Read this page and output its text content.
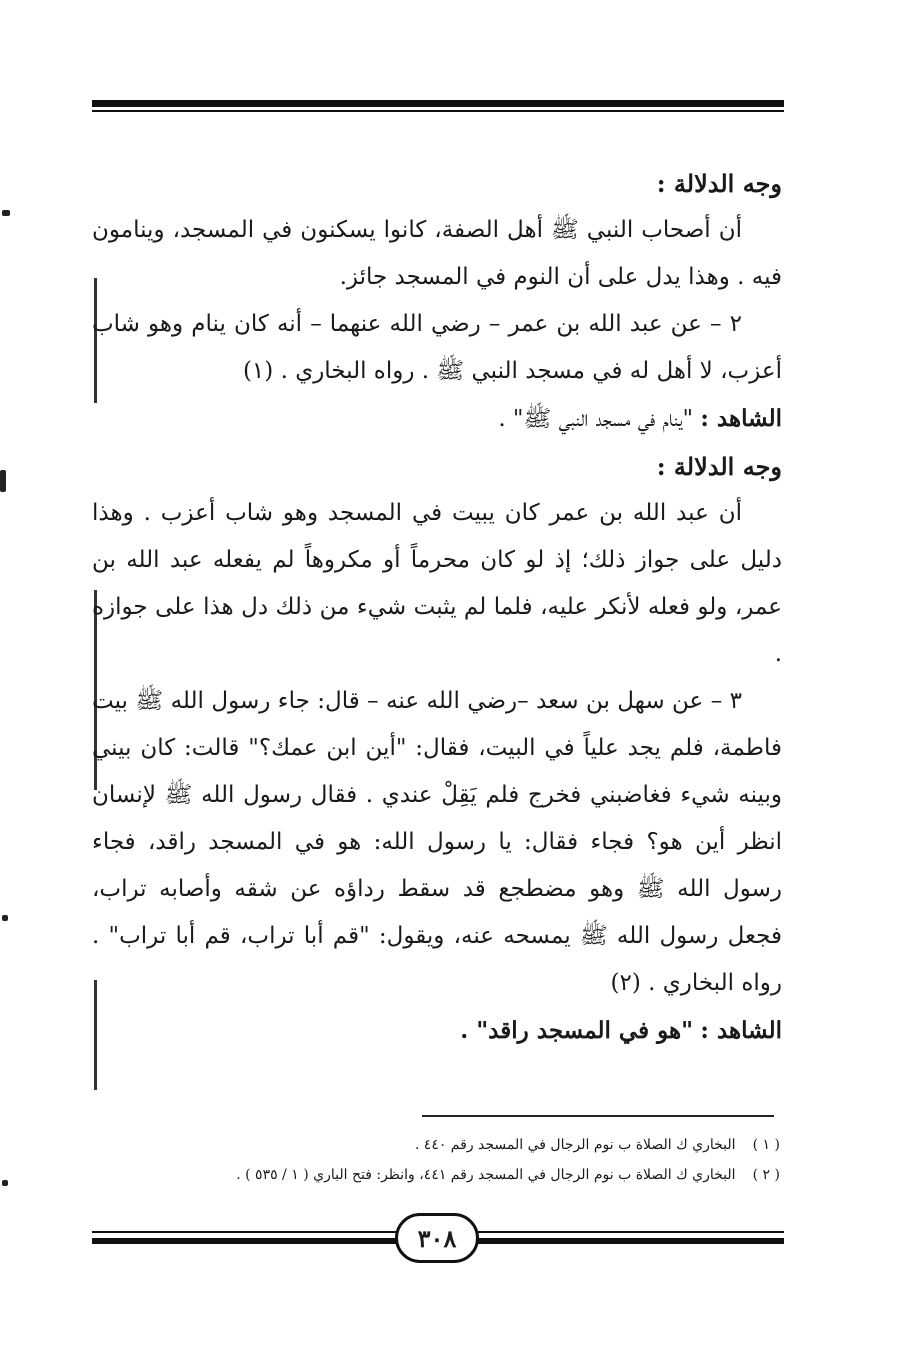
وجه الدلالة :

أن أصحاب النبي ﷺ أهل الصفة، كانوا يسكنون في المسجد، وينامون فيه . وهذا يدل على أن النوم في المسجد جائز.

٢ – عن عبد الله بن عمر – رضي الله عنهما – أنه كان ينام وهو شاب أعزب، لا أهل له في مسجد النبي ﷺ . رواه البخاري . (١)

الشاهد : "ينام في مسجد النبي ﷺ" .

وجه الدلالة :

أن عبد الله بن عمر كان يبيت في المسجد وهو شاب أعزب . وهذا دليل على جواز ذلك؛ إذ لو كان محرماً أو مكروهاً لم يفعله عبد الله بن عمر، ولو فعله لأنكر عليه، فلما لم يثبت شيء من ذلك دل هذا على جوازه .

٣ – عن سهل بن سعد –رضي الله عنه – قال: جاء رسول الله ﷺ بيت فاطمة، فلم يجد علياً في البيت، فقال: "أين ابن عمك؟" قالت: كان بيني وبينه شيء فغاضبني فخرج فلم يَقِلْ عندي . فقال رسول الله ﷺ لإنسان انظر أين هو؟ فجاء فقال: يا رسول الله: هو في المسجد راقد، فجاء رسول الله ﷺ وهو مضطجع قد سقط رداؤه عن شقه وأصابه تراب، فجعل رسول الله ﷺ يمسحه عنه، ويقول: "قم أبا تراب، قم أبا تراب" . رواه البخاري . (٢)

الشاهد : "هو في المسجد راقد" .

( ١ ) البخاري ك الصلاة ب نوم الرجال في المسجد رقم ٤٤٠ .
( ٢ ) البخاري ك الصلاة ب نوم الرجال في المسجد رقم ٤٤١، وانظر: فتح الباري ( ١ / ٥٣٥ ) .
٣٠٨
